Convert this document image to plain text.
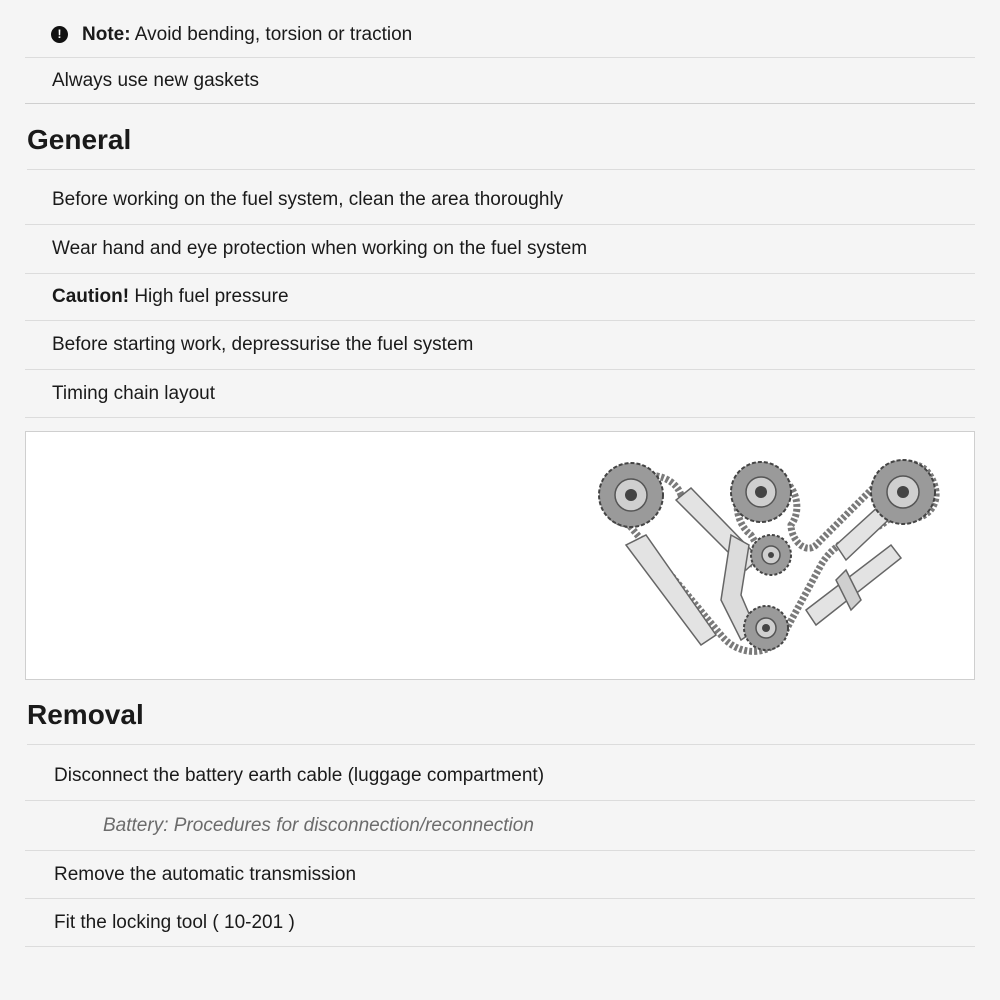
!	Note: Avoid bending, torsion or traction
Always use new gaskets
General
Before working on the fuel system, clean the area thoroughly
Wear hand and eye protection when working on the fuel system
Caution! High fuel pressure
Before starting work, depressurise the fuel system
Timing chain layout
Removal
Disconnect the battery earth cable (luggage compartment)
Battery: Procedures for disconnection/reconnection
Remove the automatic transmission
Fit the locking tool ( 10-201 )
